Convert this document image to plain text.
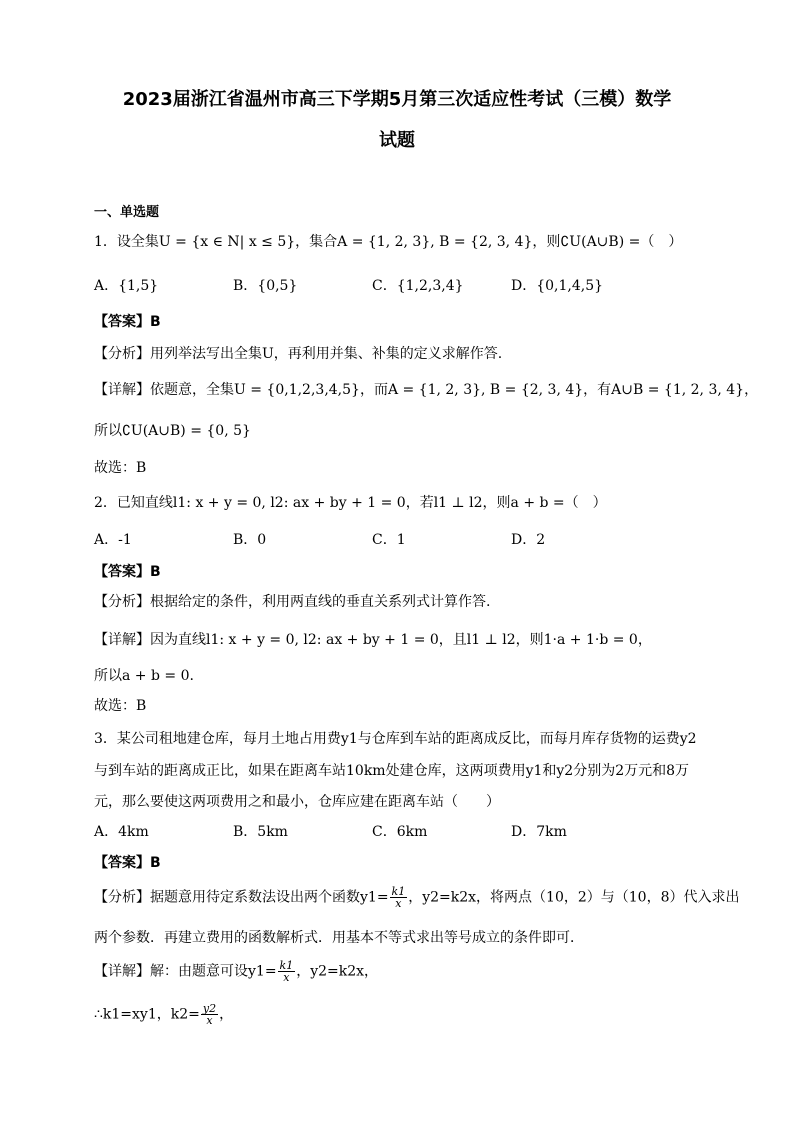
2023届浙江省温州市高三下学期5月第三次适应性考试（三模）数学
试题
一、单选题
1．设全集U = {x ∈ N| x ≤ 5}，集合A = {1, 2, 3}, B = {2, 3, 4}，则∁U(A∪B) =（　）
A．{1,5}	B．{0,5}	C．{1,2,3,4}	D．{0,1,4,5}
【答案】B
【分析】用列举法写出全集U，再利用并集、补集的定义求解作答.
【详解】依题意，全集U = {0,1,2,3,4,5}，而A = {1, 2, 3}, B = {2, 3, 4}，有A∪B = {1, 2, 3, 4}，
所以∁U(A∪B) = {0, 5}
故选：B
2．已知直线l1: x + y = 0, l2: ax + by + 1 = 0，若l1 ⊥ l2，则a + b =（　）
A．-1	B．0	C．1	D．2
【答案】B
【分析】根据给定的条件，利用两直线的垂直关系列式计算作答.
【详解】因为直线l1: x + y = 0, l2: ax + by + 1 = 0，且l1 ⊥ l2，则1·a + 1·b = 0，
所以a + b = 0.
故选：B
3．某公司租地建仓库，每月土地占用费y1与仓库到车站的距离成反比，而每月库存货物的运费y2
与到车站的距离成正比，如果在距离车站10km处建仓库，这两项费用y1和y2分别为2万元和8万
元，那么要使这两项费用之和最小，仓库应建在距离车站（　　）
A．4km	B．5km	C．6km	D．7km
【答案】B
【分析】据题意用待定系数法设出两个函数$y1= \frac{k1}{x}$ ，y2=k2x，将两点（10，2）与（10，8）代入求出
两个参数．再建立费用的函数解析式．用基本不等式求出等号成立的条件即可．
【详解】解：由题意可设$y1= \frac{k1}{x}$ ，y2=k2x，
∴k1=xy1，$k2= \frac{y2}{x}$ ，
